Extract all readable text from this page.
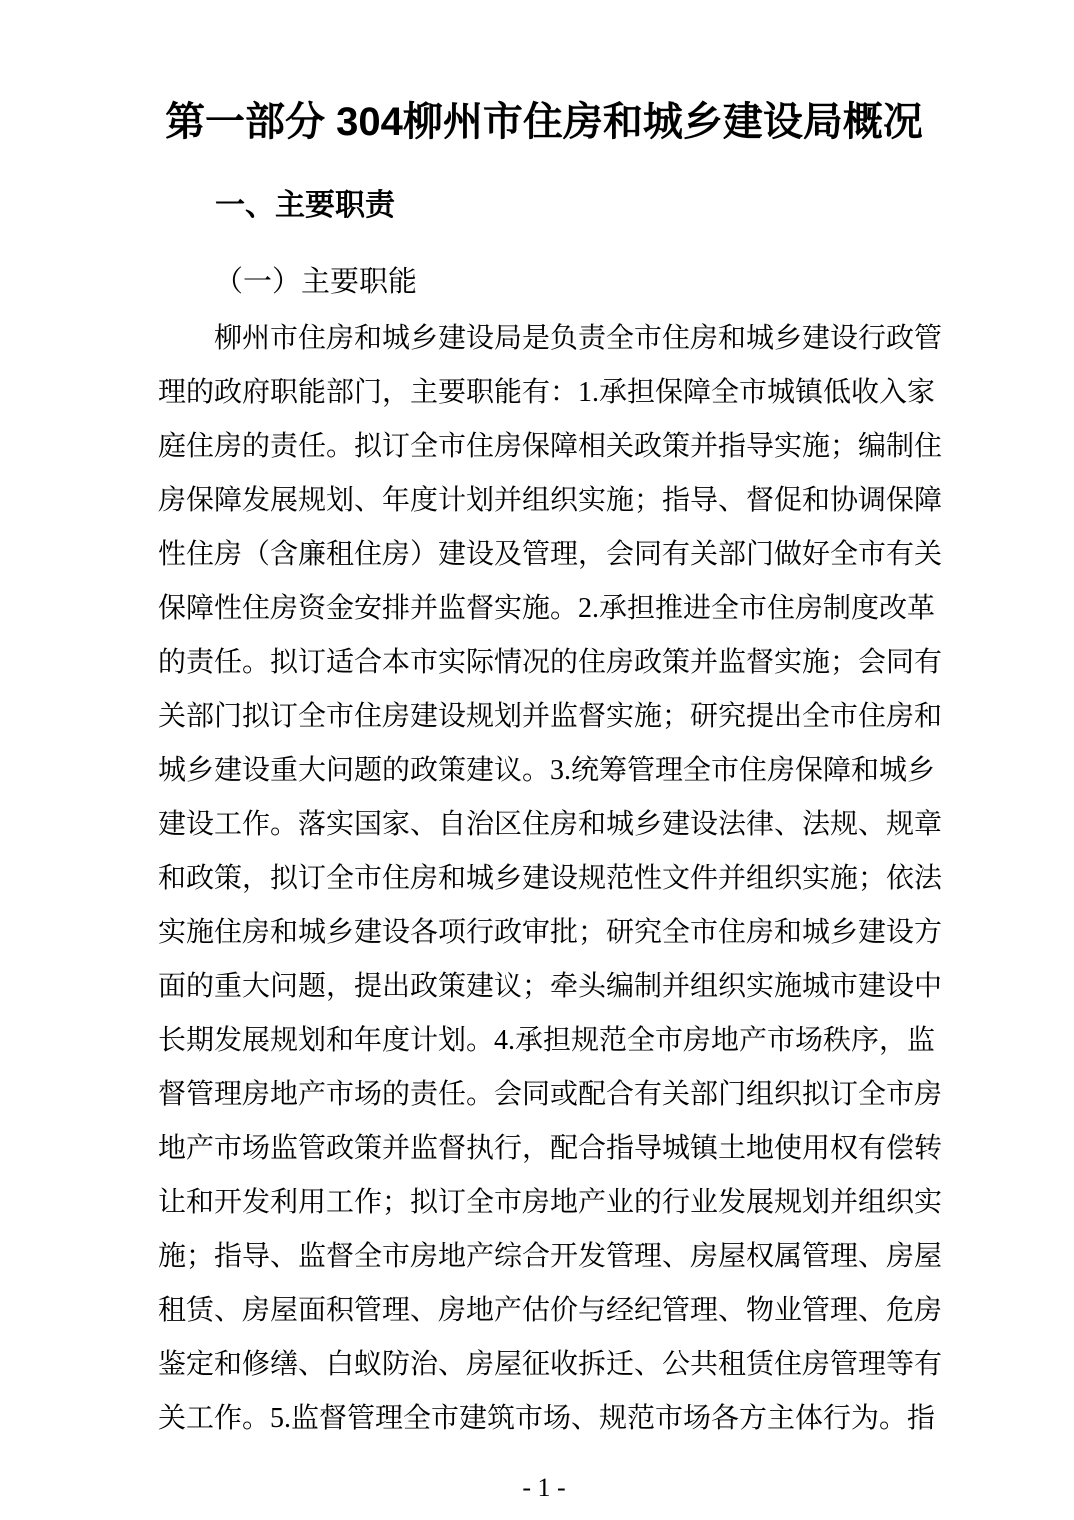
第一部分 304柳州市住房和城乡建设局概况
一、主要职责
（一）主要职能
柳州市住房和城乡建设局是负责全市住房和城乡建设行政管
理的政府职能部门，主要职能有：1.承担保障全市城镇低收入家
庭住房的责任。拟订全市住房保障相关政策并指导实施；编制住
房保障发展规划、年度计划并组织实施；指导、督促和协调保障
性住房（含廉租住房）建设及管理，会同有关部门做好全市有关
保障性住房资金安排并监督实施。2.承担推进全市住房制度改革
的责任。拟订适合本市实际情况的住房政策并监督实施；会同有
关部门拟订全市住房建设规划并监督实施；研究提出全市住房和
城乡建设重大问题的政策建议。3.统筹管理全市住房保障和城乡
建设工作。落实国家、自治区住房和城乡建设法律、法规、规章
和政策，拟订全市住房和城乡建设规范性文件并组织实施；依法
实施住房和城乡建设各项行政审批；研究全市住房和城乡建设方
面的重大问题，提出政策建议；牵头编制并组织实施城市建设中
长期发展规划和年度计划。4.承担规范全市房地产市场秩序，监
督管理房地产市场的责任。会同或配合有关部门组织拟订全市房
地产市场监管政策并监督执行，配合指导城镇土地使用权有偿转
让和开发利用工作；拟订全市房地产业的行业发展规划并组织实
施；指导、监督全市房地产综合开发管理、房屋权属管理、房屋
租赁、房屋面积管理、房地产估价与经纪管理、物业管理、危房
鉴定和修缮、白蚁防治、房屋征收拆迁、公共租赁住房管理等有
关工作。5.监督管理全市建筑市场、规范市场各方主体行为。指
- 1 -
